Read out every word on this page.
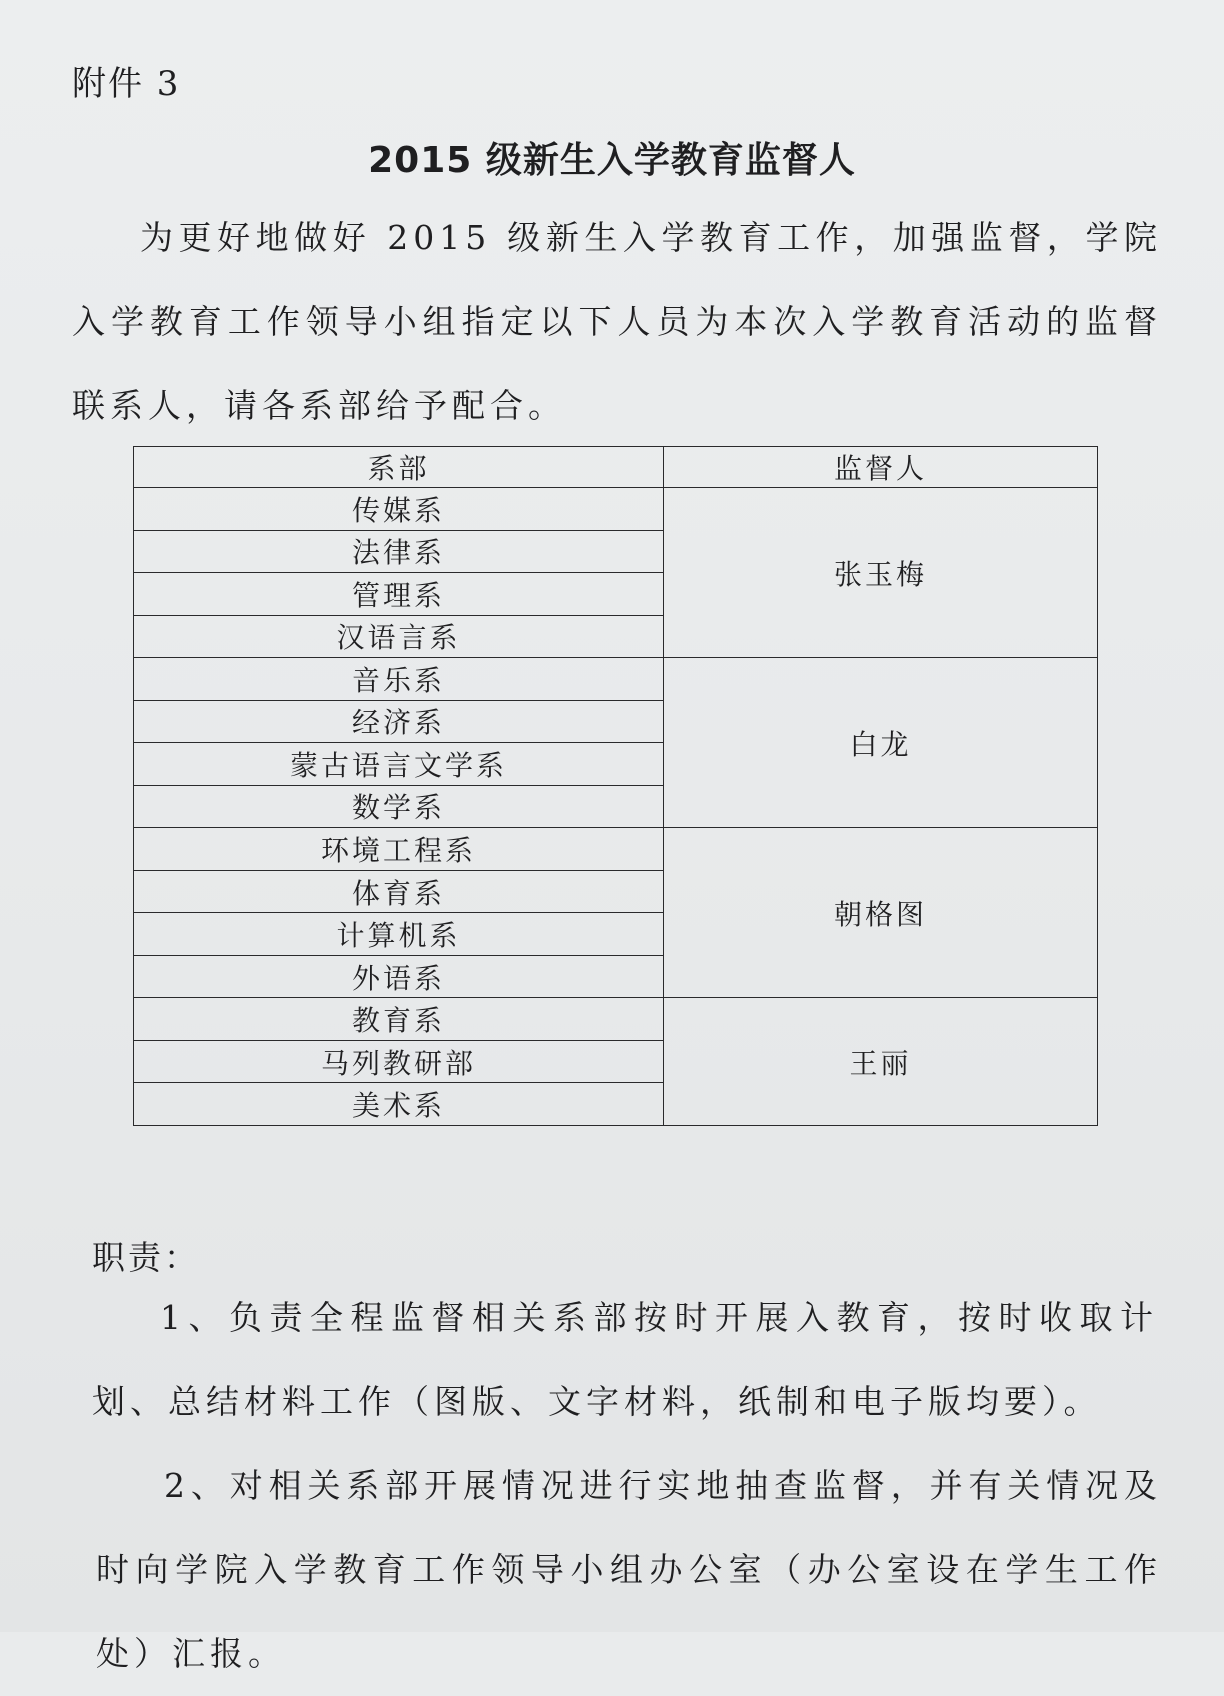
附件 3
2015 级新生入学教育监督人

为更好地做好 2015 级新生入学教育工作，加强监督，学院入学教育工作领导小组指定以下人员为本次入学教育活动的监督联系人，请各系部给予配合。

系部	监督人
传媒系	张玉梅
法律系	
管理系	
汉语言系	
音乐系	白龙
经济系	
蒙古语言文学系	
数学系	
环境工程系	朝格图
体育系	
计算机系	
外语系	
教育系	王丽
马列教研部	
美术系	
职责：

1、负责全程监督相关系部按时开展入教育，按时收取计划、总结材料工作（图版、文字材料，纸制和电子版均要）。

2、对相关系部开展情况进行实地抽查监督，并有关情况及时向学院入学教育工作领导小组办公室（办公室设在学生工作处）汇报。
